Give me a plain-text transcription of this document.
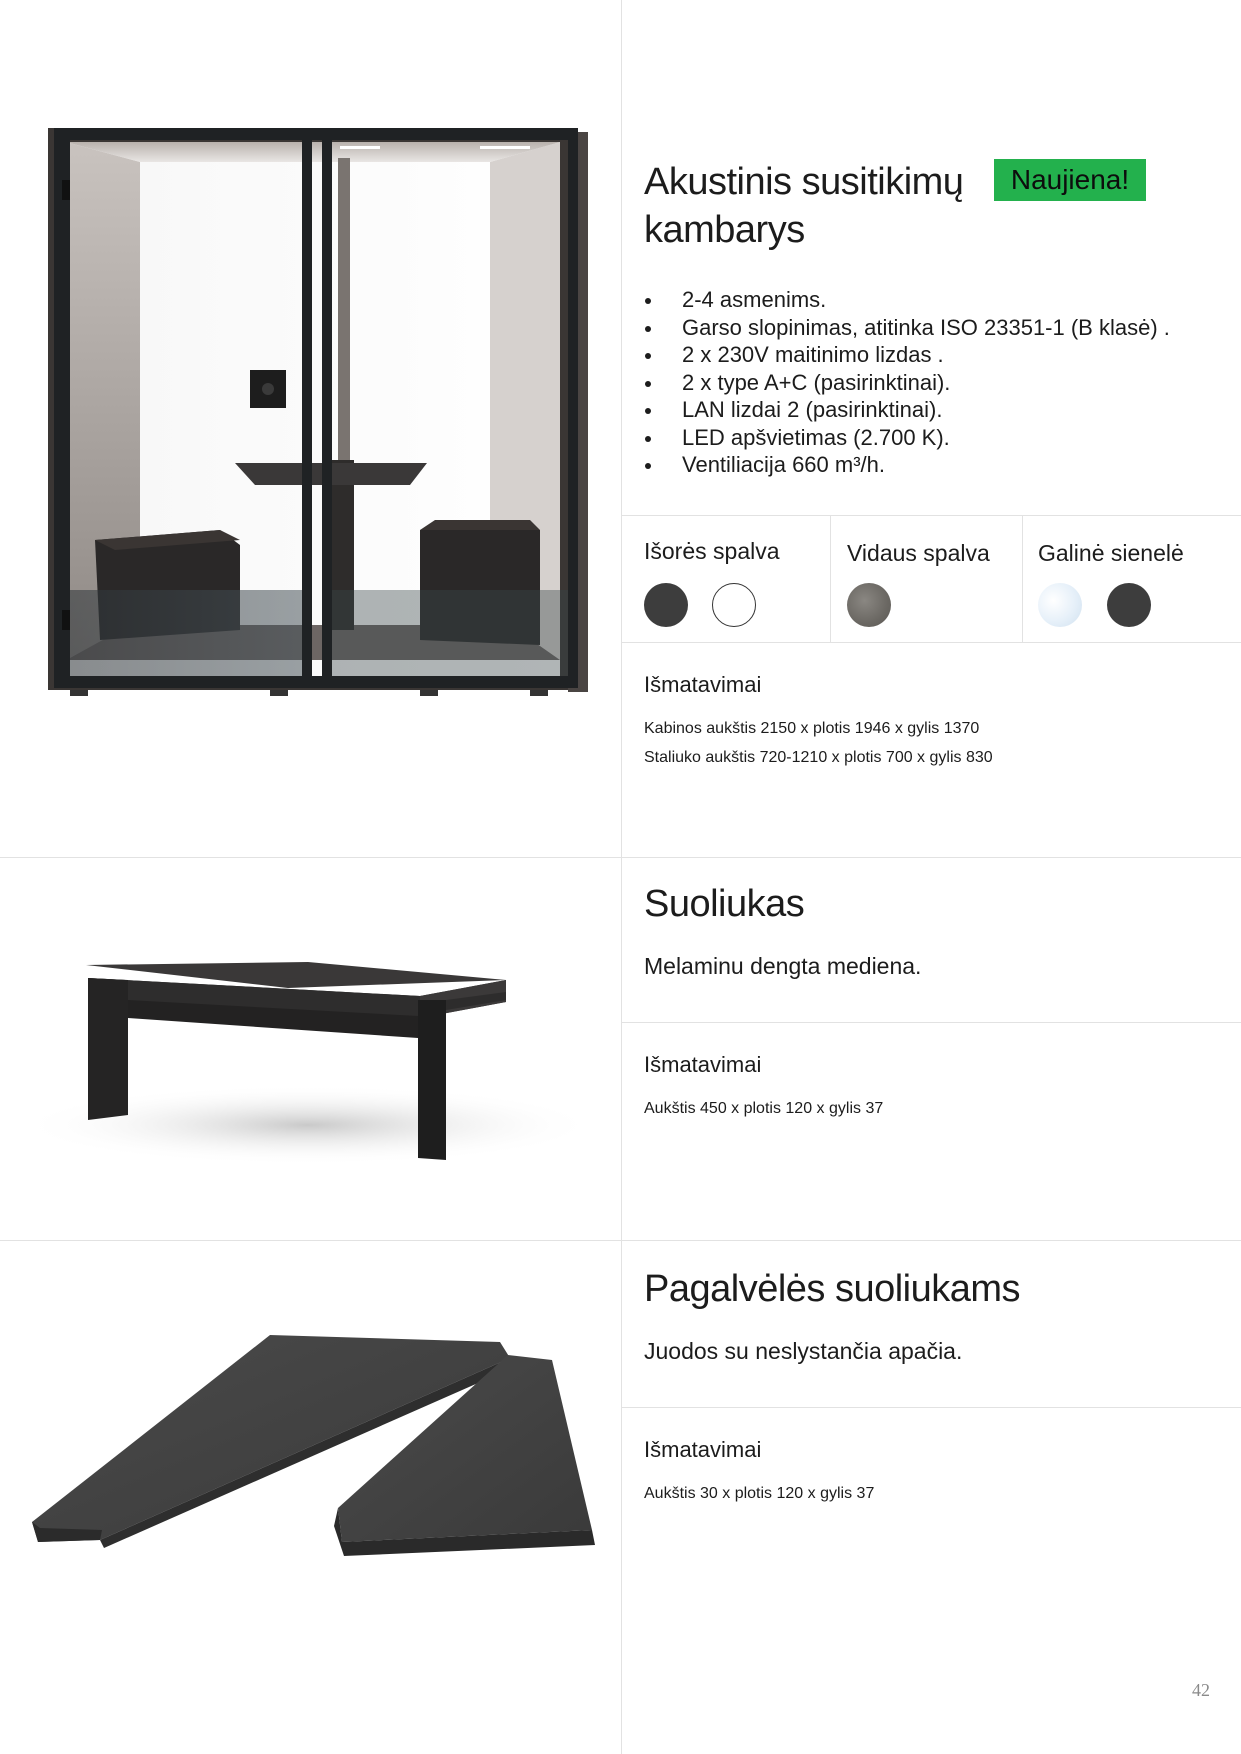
Akustinis susitikimų
kambarys
Naujiena!
2-4 asmenims.
Garso slopinimas, atitinka ISO 23351-1 (B klasė) .
2 x 230V maitinimo lizdas .
2 x type A+C (pasirinktinai).
LAN lizdai 2 (pasirinktinai).
LED apšvietimas (2.700 K).
Ventiliacija 660 m³/h.
Išorės spalva	Vidaus spalva Galinė sienelė
Išmatavimai
Kabinos aukštis 2150 x plotis 1946 x gylis 1370
Staliuko aukštis 720-1210 x plotis 700 x gylis 830
Suoliukas
Melaminu dengta mediena.
Išmatavimai
Aukštis 450 x plotis 120 x gylis 37
Pagalvėlės suoliukams
Juodos su neslystančia apačia.
Išmatavimai
Aukštis 30 x plotis 120 x gylis 37
42
